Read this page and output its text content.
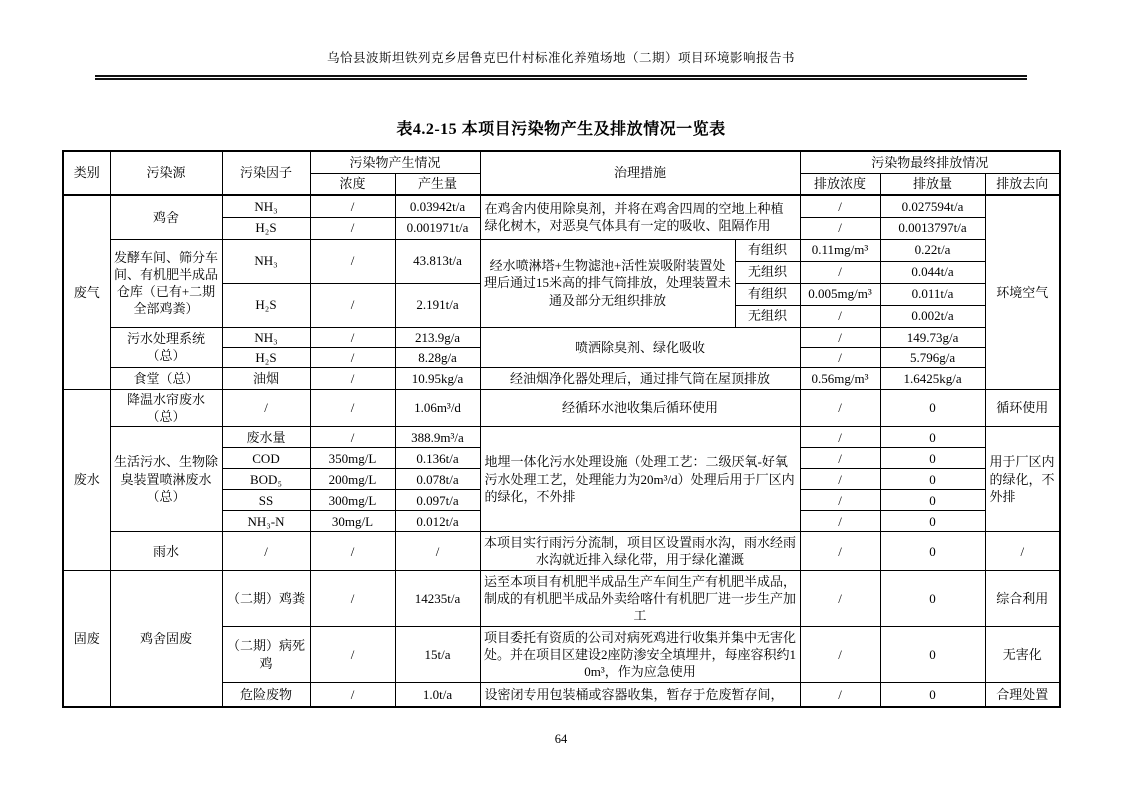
乌恰县波斯坦铁列克乡居鲁克巴什村标准化养殖场地（二期）项目环境影响报告书
表4.2-15 本项目污染物产生及排放情况一览表
类别	污染源	污染因子	污染物产生情况		治理措施		污染物最终排放情况		
			浓度	产生量			排放浓度	排放量	排放去向
废气	鸡舍	NH₃	/	0.03942t/a	在鸡舍内使用除臭剂，并将在鸡舍四周的空地上种植绿化树木，对恶臭气体具有一定的吸收、阻隔作用		/	0.027594t/a	环境空气
		H₂S	/	0.001971t/a			/	0.0013797t/a	
	发酵车间、筛分车间、有机肥半成品仓库（已有+二期全部鸡粪）	NH₃	/	43.813t/a	经水喷淋塔+生物滤池+活性炭吸附装置处理后通过15米高的排气筒排放，处理装置未通及部分无组织排放	有组织	0.11mg/m³	0.22t/a	
						无组织	/	0.044t/a	
		H₂S	/	2.191t/a		有组织	0.005mg/m³	0.011t/a	
						无组织	/	0.002t/a	
	污水处理系统（总）	NH₃	/	213.9g/a	喷洒除臭剂、绿化吸收		/	149.73g/a	
		H₂S	/	8.28g/a			/	5.796g/a	
	食堂（总）	油烟	/	10.95kg/a	经油烟净化器处理后，通过排气筒在屋顶排放		0.56mg/m³	1.6425kg/a	
废水	降温水帘废水（总）	/	/	1.06m³/d	经循环水池收集后循环使用		/	0	循环使用
	生活污水、生物除臭装置喷淋废水（总）	废水量	/	388.9m³/a	地埋一体化污水处理设施（处理工艺：二级厌氧-好氧污水处理工艺，处理能力为20m³/d）处理后用于厂区内的绿化，不外排		/	0	用于厂区内的绿化，不外排
		COD	350mg/L	0.136t/a			/	0	
		BOD₅	200mg/L	0.078t/a			/	0	
		SS	300mg/L	0.097t/a			/	0	
		NH₃-N	30mg/L	0.012t/a			/	0	
	雨水	/	/	/	本项目实行雨污分流制，项目区设置雨水沟，雨水经雨水沟就近排入绿化带，用于绿化灌溉		/	0	/
固废	鸡舍固废	（二期）鸡粪	/	14235t/a	运至本项目有机肥半成品生产车间生产有机肥半成品，制成的有机肥半成品外卖给喀什有机肥厂进一步生产加工		/	0	综合利用
		（二期）病死鸡	/	15t/a	项目委托有资质的公司对病死鸡进行收集并集中无害化处。并在项目区建设2座防渗安全填埋井，每座容积约10m³，作为应急使用		/	0	无害化
		危险废物	/	1.0t/a	设密闭专用包装桶或容器收集，暂存于危废暂存间，		/	0	合理处置
64
